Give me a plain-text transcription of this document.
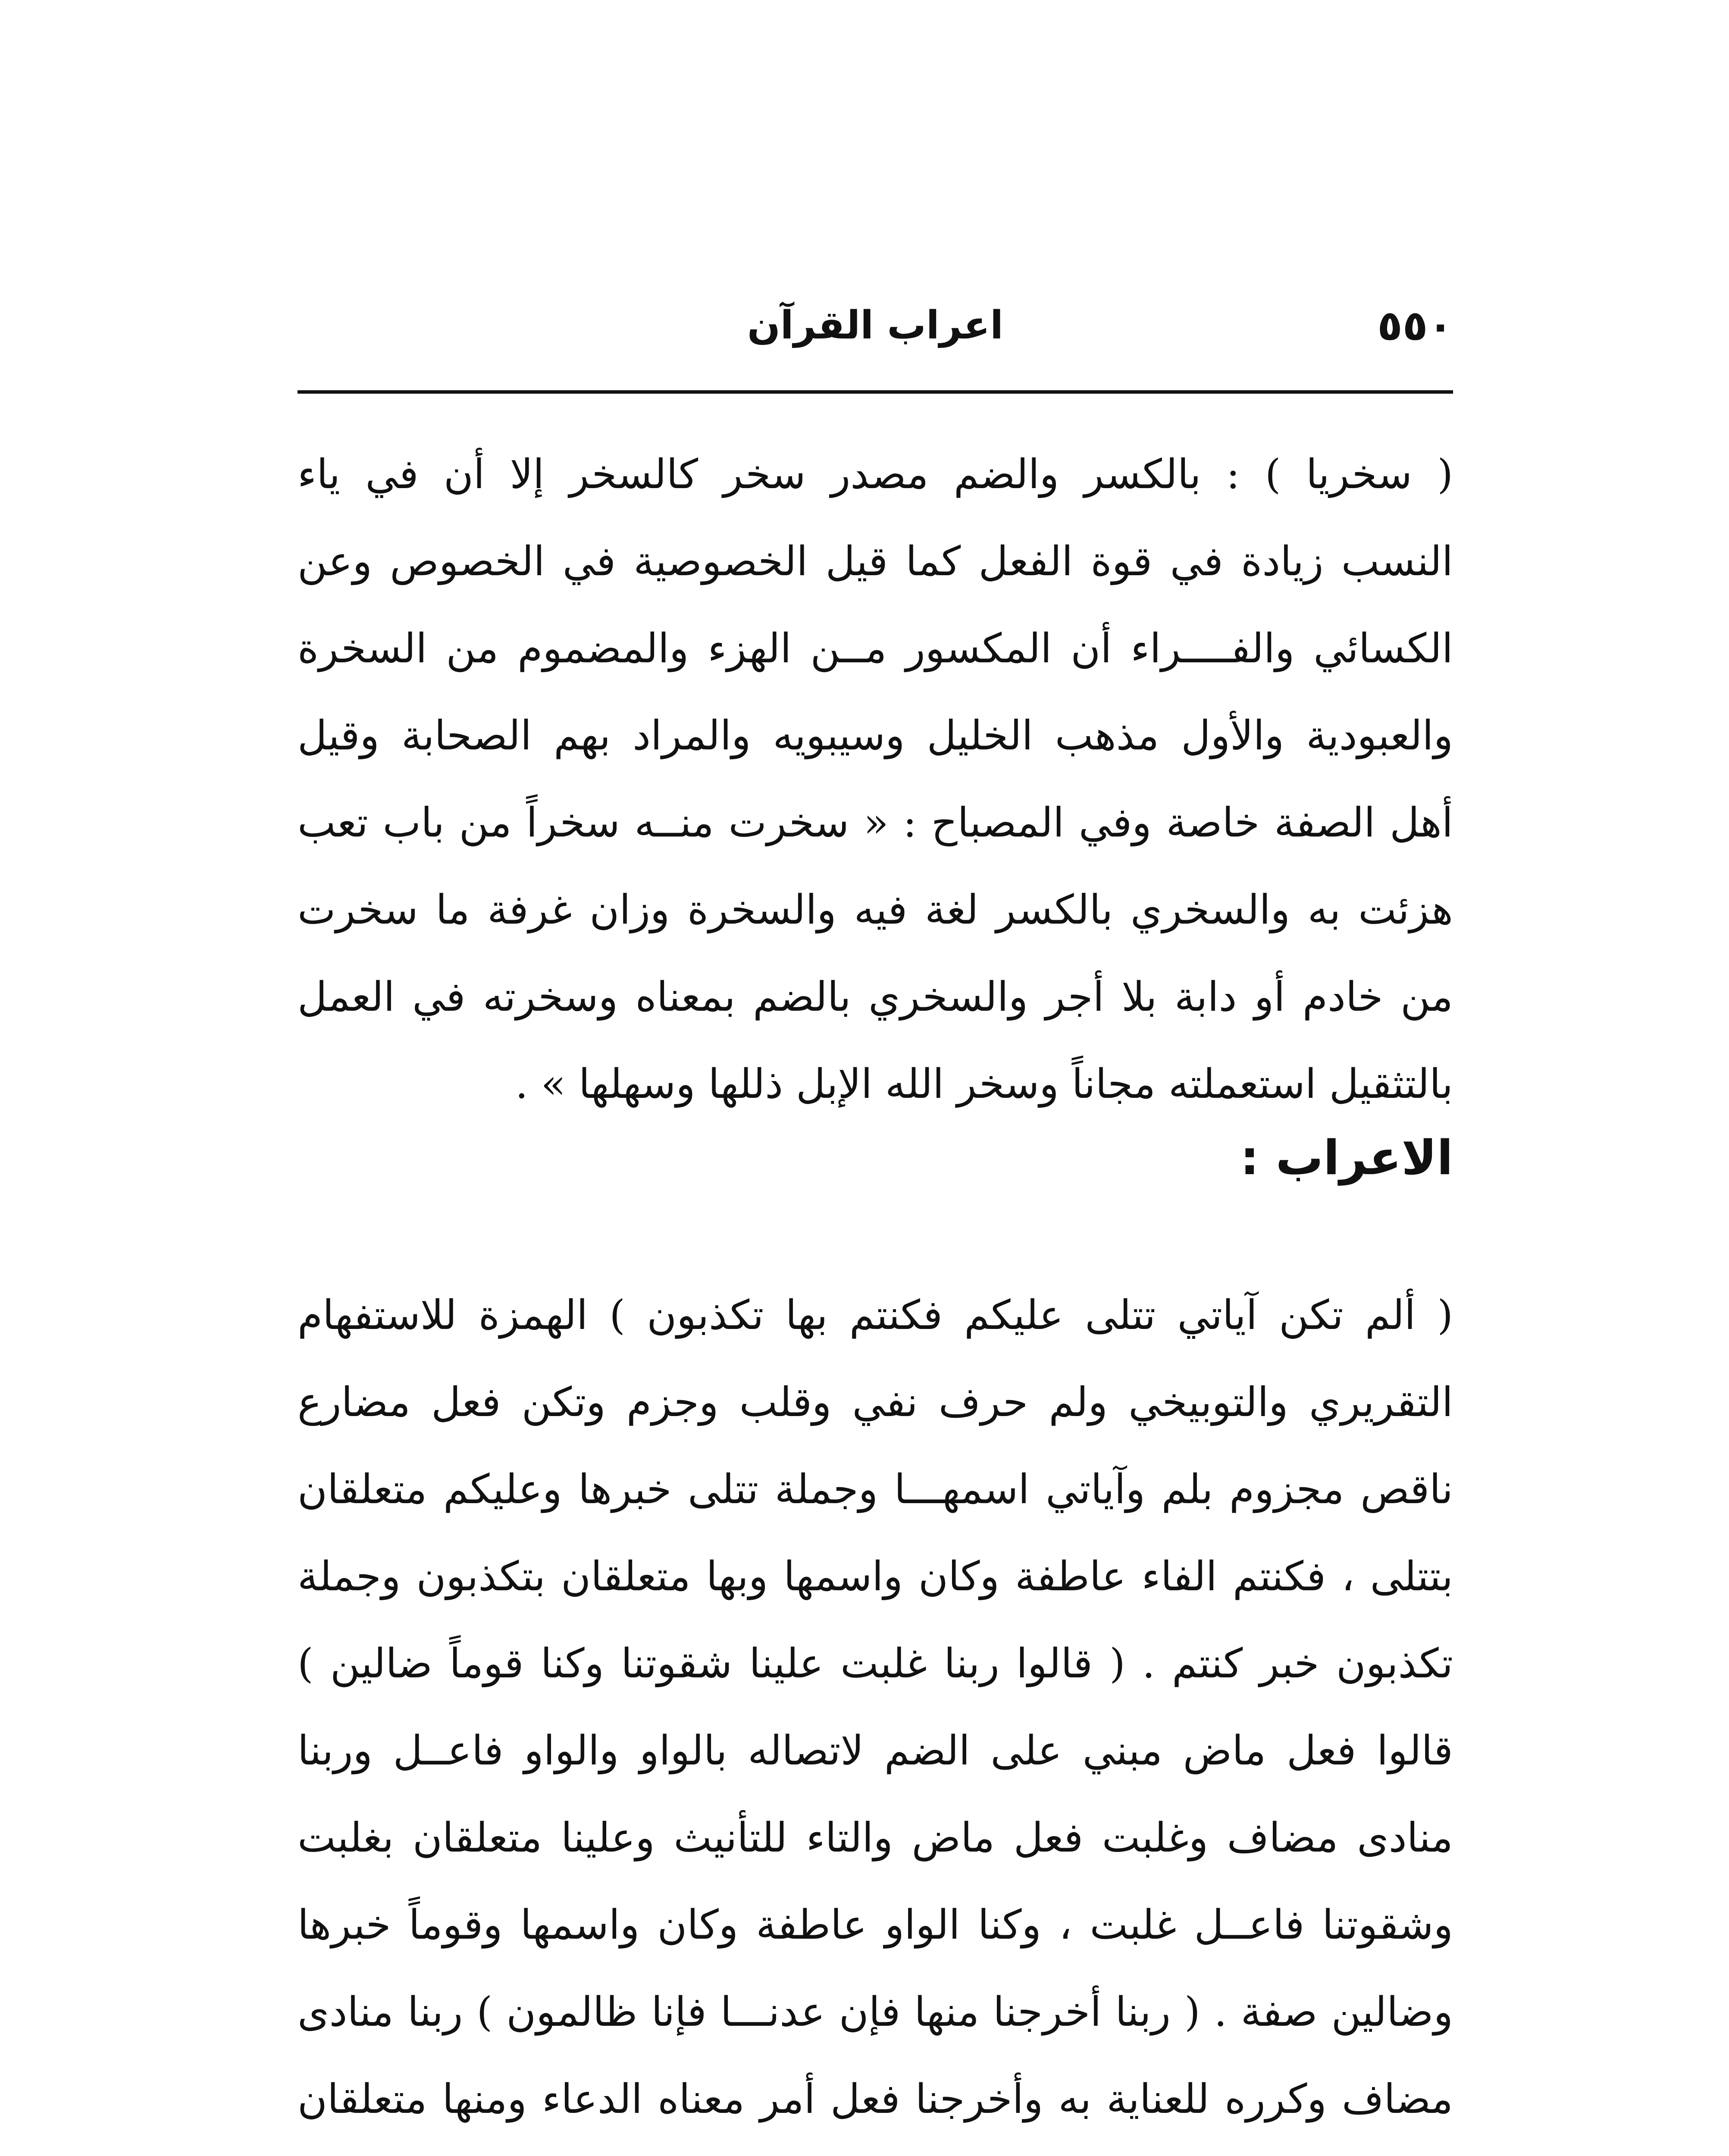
٥٥٠
اعراب القرآن
( سخريا ) : بالكسر والضم مصدر سخر كالسخر إلا أن في ياء
النسب زيادة في قوة الفعل كما قيل الخصوصية في الخصوص وعن
الكسائي والفــــراء أن المكسور مــن الهزء والمضموم من السخرة
والعبودية والأول مذهب الخليل وسيبويه والمراد بهم الصحابة وقيل
أهل الصفة خاصة وفي المصباح : « سخرت منــه سخراً من باب تعب
هزئت به والسخري بالكسر لغة فيه والسخرة وزان غرفة ما سخرت
من خادم أو دابة بلا أجر والسخري بالضم بمعناه وسخرته في العمل
بالتثقيل استعملته مجاناً وسخر الله الإبل ذللها وسهلها » .
الاعراب :
( ألم تكن آياتي تتلى عليكم فكنتم بها تكذبون ) الهمزة للاستفهام
التقريري والتوبيخي ولم حرف نفي وقلب وجزم وتكن فعل مضارع
ناقص مجزوم بلم وآياتي اسمهـــا وجملة تتلى خبرها وعليكم متعلقان
بتتلى ، فكنتم الفاء عاطفة وكان واسمها وبها متعلقان بتكذبون وجملة
تكذبون خبر كنتم . ( قالوا ربنا غلبت علينا شقوتنا وكنا قوماً ضالين )
قالوا فعل ماض مبني على الضم لاتصاله بالواو والواو فاعــل وربنا
منادى مضاف وغلبت فعل ماض والتاء للتأنيث وعلينا متعلقان بغلبت
وشقوتنا فاعــل غلبت ، وكنا الواو عاطفة وكان واسمها وقوماً خبرها
وضالين صفة . ( ربنا أخرجنا منها فإن عدنـــا فإنا ظالمون ) ربنا منادى
مضاف وكرره للعناية به وأخرجنا فعل أمر معناه الدعاء ومنها متعلقان
